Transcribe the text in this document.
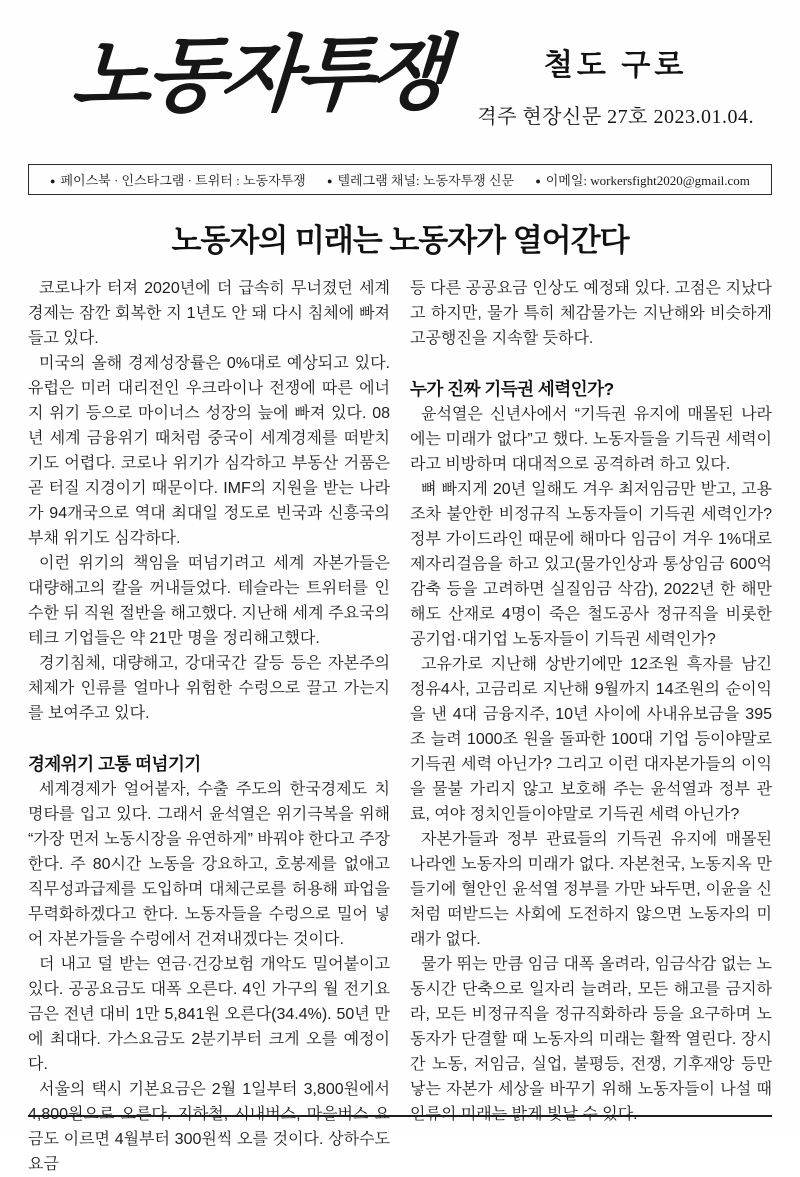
노동자투쟁	철도 구로
격주 현장신문 27호 2023.01.04.
● 페이스북 · 인스타그램 · 트위터 : 노동자투쟁 ● 텔레그램 채널: 노동자투쟁 신문 ● 이메일: workersfight2020@gmail.com
노동자의 미래는 노동자가 열어간다

코로나가 터져 2020년에 더 급속히 무너졌던 세계경제는 잠깐 회복한 지 1년도 안 돼 다시 침체에 빠져들고 있다.

미국의 올해 경제성장률은 0%대로 예상되고 있다. 유럽은 미러 대리전인 우크라이나 전쟁에 따른 에너지 위기 등으로 마이너스 성장의 늪에 빠져 있다. 08년 세계 금융위기 때처럼 중국이 세계경제를 떠받치기도 어렵다. 코로나 위기가 심각하고 부동산 거품은 곧 터질 지경이기 때문이다. IMF의 지원을 받는 나라가 94개국으로 역대 최대일 정도로 빈국과 신흥국의 부채 위기도 심각하다.

이런 위기의 책임을 떠넘기려고 세계 자본가들은 대량해고의 칼을 꺼내들었다. 테슬라는 트위터를 인수한 뒤 직원 절반을 해고했다. 지난해 세계 주요국의 테크 기업들은 약 21만 명을 정리해고했다.

경기침체, 대량해고, 강대국간 갈등 등은 자본주의 체제가 인류를 얼마나 위험한 수렁으로 끌고 가는지를 보여주고 있다.

경제위기 고통 떠넘기기

세계경제가 얼어붙자, 수출 주도의 한국경제도 치명타를 입고 있다. 그래서 윤석열은 위기극복을 위해 “가장 먼저 노동시장을 유연하게” 바꿔야 한다고 주장한다. 주 80시간 노동을 강요하고, 호봉제를 없애고 직무성과급제를 도입하며 대체근로를 허용해 파업을 무력화하겠다고 한다. 노동자들을 수렁으로 밀어 넣어 자본가들을 수렁에서 건져내겠다는 것이다.

더 내고 덜 받는 연금·건강보험 개악도 밀어붙이고 있다. 공공요금도 대폭 오른다. 4인 가구의 월 전기요금은 전년 대비 1만 5,841원 오른다(34.4%). 50년 만에 최대다. 가스요금도 2분기부터 크게 오를 예정이다.

서울의 택시 기본요금은 2월 1일부터 3,800원에서 4,800원으로 오른다. 지하철, 시내버스, 마을버스 요금도 이르면 4월부터 300원씩 오를 것이다. 상하수도 요금

등 다른 공공요금 인상도 예정돼 있다. 고점은 지났다고 하지만, 물가 특히 체감물가는 지난해와 비슷하게 고공행진을 지속할 듯하다.

누가 진짜 기득권 세력인가?

윤석열은 신년사에서 “기득권 유지에 매몰된 나라에는 미래가 없다”고 했다. 노동자들을 기득권 세력이라고 비방하며 대대적으로 공격하려 하고 있다.

뼈 빠지게 20년 일해도 겨우 최저임금만 받고, 고용조차 불안한 비정규직 노동자들이 기득권 세력인가? 정부 가이드라인 때문에 해마다 임금이 겨우 1%대로 제자리걸음을 하고 있고(물가인상과 통상임금 600억 감축 등을 고려하면 실질임금 삭감), 2022년 한 해만 해도 산재로 4명이 죽은 철도공사 정규직을 비롯한 공기업·대기업 노동자들이 기득권 세력인가?

고유가로 지난해 상반기에만 12조원 흑자를 남긴 정유4사, 고금리로 지난해 9월까지 14조원의 순이익을 낸 4대 금융지주, 10년 사이에 사내유보금을 395조 늘려 1000조 원을 돌파한 100대 기업 등이야말로 기득권 세력 아닌가? 그리고 이런 대자본가들의 이익을 물불 가리지 않고 보호해 주는 윤석열과 정부 관료, 여야 정치인들이야말로 기득권 세력 아닌가?

자본가들과 정부 관료들의 기득권 유지에 매몰된 나라엔 노동자의 미래가 없다. 자본천국, 노동지옥 만들기에 혈안인 윤석열 정부를 가만 놔두면, 이윤을 신처럼 떠받드는 사회에 도전하지 않으면 노동자의 미래가 없다.

물가 뛰는 만큼 임금 대폭 올려라, 임금삭감 없는 노동시간 단축으로 일자리 늘려라, 모든 해고를 금지하라, 모든 비정규직을 정규직화하라 등을 요구하며 노동자가 단결할 때 노동자의 미래는 활짝 열린다. 장시간 노동, 저임금, 실업, 불평등, 전쟁, 기후재앙 등만 낳는 자본가 세상을 바꾸기 위해 노동자들이 나설 때 인류의 미래는 밝게 빛날 수 있다.
